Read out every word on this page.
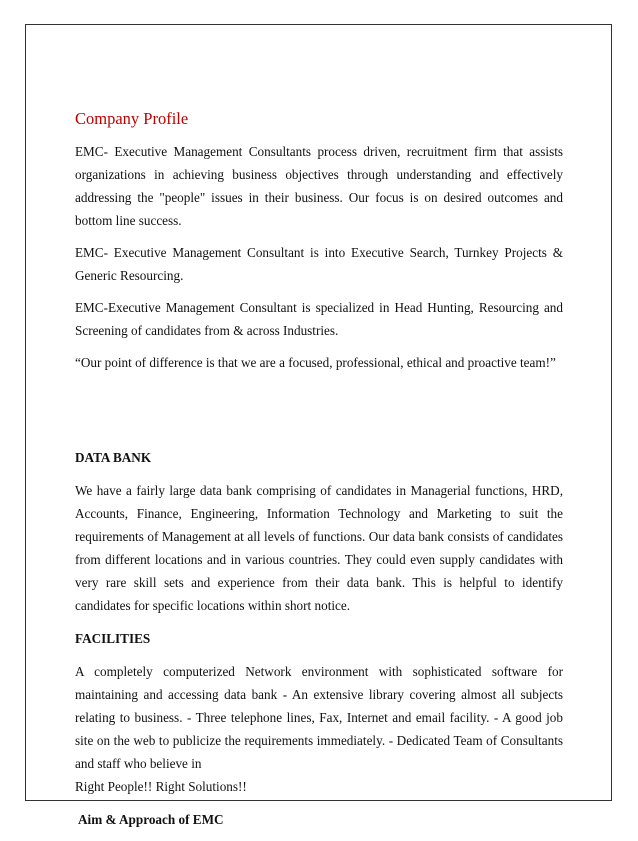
Company Profile

EMC- Executive Management Consultants process driven, recruitment firm that assists organizations in achieving business objectives through understanding and effectively addressing the "people" issues in their business. Our focus is on desired outcomes and bottom line success.

EMC- Executive Management Consultant is into Executive Search, Turnkey Projects & Generic Resourcing.

EMC-Executive Management Consultant is specialized in Head Hunting, Resourcing and Screening of candidates from & across Industries.

“Our point of difference is that we are a focused, professional, ethical and proactive team!”

DATA BANK

We have a fairly large data bank comprising of candidates in Managerial functions, HRD, Accounts, Finance, Engineering, Information Technology and Marketing to suit the requirements of Management at all levels of functions. Our data bank consists of candidates from different locations and in various countries. They could even supply candidates with very rare skill sets and experience from their data bank. This is helpful to identify candidates for specific locations within short notice.

FACILITIES

A completely computerized Network environment with sophisticated software for maintaining and accessing data bank - An extensive library covering almost all subjects relating to business. - Three telephone lines, Fax, Internet and email facility. - A good job site on the web to publicize the requirements immediately. - Dedicated Team of Consultants and staff who believe in

Right People!! Right Solutions!!

Aim & Approach of EMC
